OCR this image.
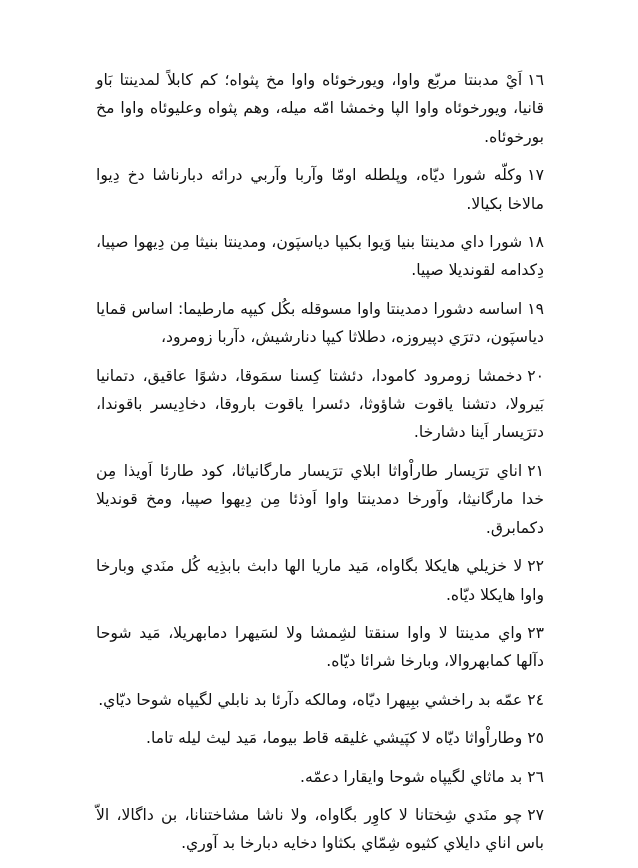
١٦اَيْ مدبنتا مربّع واوا، ويورخوئاه واوا مخ پثواه؛ كم كابلاً لمدينتا بَاو قانيا، ويورخوئاه واوا الپا وخمشا امّه ميله، وهم پثواه وعليوئاه واوا مخ بورخوئاه.

١٧وكلّه شورا ديّاه، وپلطله اومّا وآربا وآربي درائه دبارناشا دخ دِيوا مالاخا بكيالا.

١٨شورا داي مدينتا بنيا وَيوا بكيپا دياسپَون، ومدينتا بنيثا مِن دِيهوا صپيا، دِكدامه لقونديلا صپيا.

١٩اساسه دشورا دمدينتا واوا مسوقله بكُل كيپه مارطيما: اساس قمايا دياسپَون، دترَي دپيروزه، دطلاثا كيپا دنارشيش، دآربا زومرود،

٢٠دخمشا زومرود كامودا، دئشتا كِسنا سمَوقا، دشوًا عاقيق، دتمانيا بَيرولا، دتشنا ياقوت شاؤوثا، دئسرا ياقوت باروقا، دخادِيسر باقوندا، دترَيسار اَينا دشارخا.

٢١اناي ترَيسار طاراْواثا ابلاي ترَيسار مارگانياثا، كود طارئا اَويذا مِن خدا مارگانيثا، وآورخا دمدينتا واوا اَوذئا مِن دِيهوا صپيا، ومخ قونديلا دكمابرق.

٢٢لا خزيلي هايكلا بگاواه، مَيد ماريا الها دابث بابذِيه كُل منَدي وبارخا واوا هايكلا ديّاه.

٢٣واي مدينتا لا واوا سنقتا لشِمشا ولا لسَيهرا دمابهريلا، مَيد شوحا دآلها كمابهروالا، وبارخا شرائا ديّاه.

٢٤عمّه بد راخشي ببِيهرا ديّاه، ومالكه دآرئا بد نابلي لگيپاه شوحا ديّاي.

٢٥وطاراْواثا ديّاه لا كپَيشي غليقه قاط بيوما، مَيد ليث ليله تاما.

٢٦بد ماثاي لگيپاه شوحا وايقارا دعمّه.

٢٧چو منَدي شِختانا لا كاوِر بگاواه، ولا ناشا مشاختنانا، بن داگالا، الاّ باس اناي دايلاي كثيوه شِمّاي بكثاوا دخايه دبارخا بد آوري.
